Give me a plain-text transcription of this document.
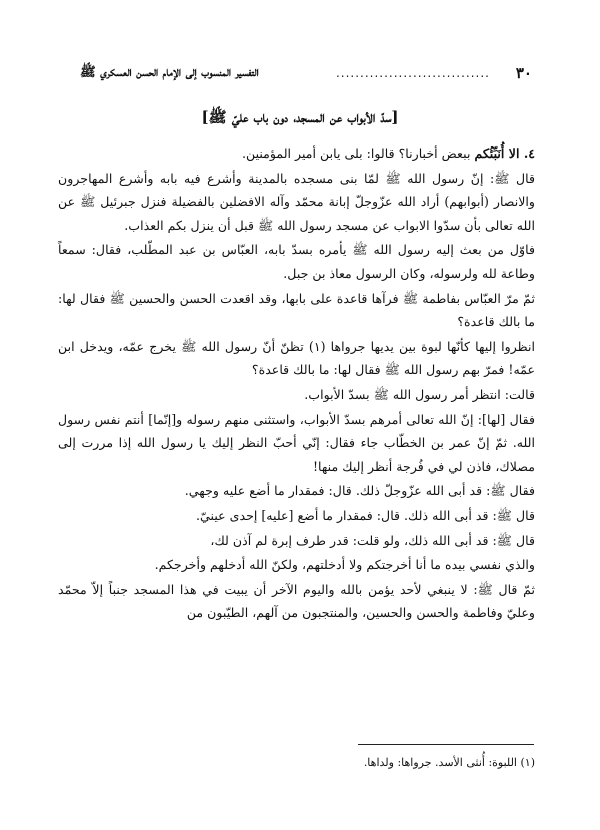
٣٠
................................
التفسير المنسوب إلى الإمام الحسن العسكري ﷺ
[سدّ الأبواب عن المسجد، دون باب عليّ ﷺ]

٤. الا أُنَبِّئُكم ببعض أخبارنا؟ قالوا: بلى يابن أمير المؤمنين.

قال ﷺ: إنّ رسول الله ﷺ لمّا بنى مسجده بالمدينة وأشرع فيه بابه وأشرع المهاجرون والانصار (أبوابهم) أراد الله عزّوجلّ إبانة محمّد وآله الافضلين بالفضيلة فنزل جبرئيل ﷺ عن الله تعالى بأن سدّوا الابواب عن مسجد رسول الله ﷺ قبل أن ينزل بكم العذاب.

فاوّل من بعث إليه رسول الله ﷺ يأمره بسدّ بابه، العبّاس بن عبد المطّلب، فقال: سمعاً وطاعة لله ولرسوله، وكان الرسول معاذ بن جبل.

ثمّ مرّ العبّاس بفاطمة ﷺ فرآها قاعدة على بابها، وقد اقعدت الحسن والحسين ﷺ فقال لها: ما بالك قاعدة؟

انظروا إليها كأنّها لبوة بين يديها جرواها (١) تظنّ أنّ رسول الله ﷺ يخرج عمّه، ويدخل ابن عمّه! فمرّ بهم رسول الله ﷺ فقال لها: ما بالك قاعدة؟

قالت: انتظر أمر رسول الله ﷺ بسدّ الأبواب.

فقال [لها]: إنّ الله تعالى أمرهم بسدّ الأبواب، واستثنى منهم رسوله و[إنّما] أنتم نفس رسول الله. ثمّ إنّ عمر بن الخطّاب جاء فقال: إنّي أحبّ النظر إليك يا رسول الله إذا مررت إلى مصلاك، فاذن لي في فُرجة أنظر إليك منها!

فقال ﷺ: قد أبى الله عزّوجلّ ذلك. قال: فمقدار ما أضع عليه وجهي.

قال ﷺ: قد أبى الله ذلك. قال: فمقدار ما أضع [عليه] إحدى عينيّ.

قال ﷺ: قد أبى الله ذلك، ولو قلت: قدر طرف إبرة لم آذن لك،

والذي نفسي بيده ما أنا أخرجتكم ولا أدخلتهم، ولكنّ الله أدخلهم وأخرجكم.

ثمّ قال ﷺ: لا ينبغي لأحد يؤمن بالله واليوم الآخر أن يبيت في هذا المسجد جنباً إلاّ محمّد وعليّ وفاطمة والحسن والحسين، والمنتجبون من آلهم، الطيّبون من

(١) اللبوة: أُنثى الأسد. جرواها: ولداها.
